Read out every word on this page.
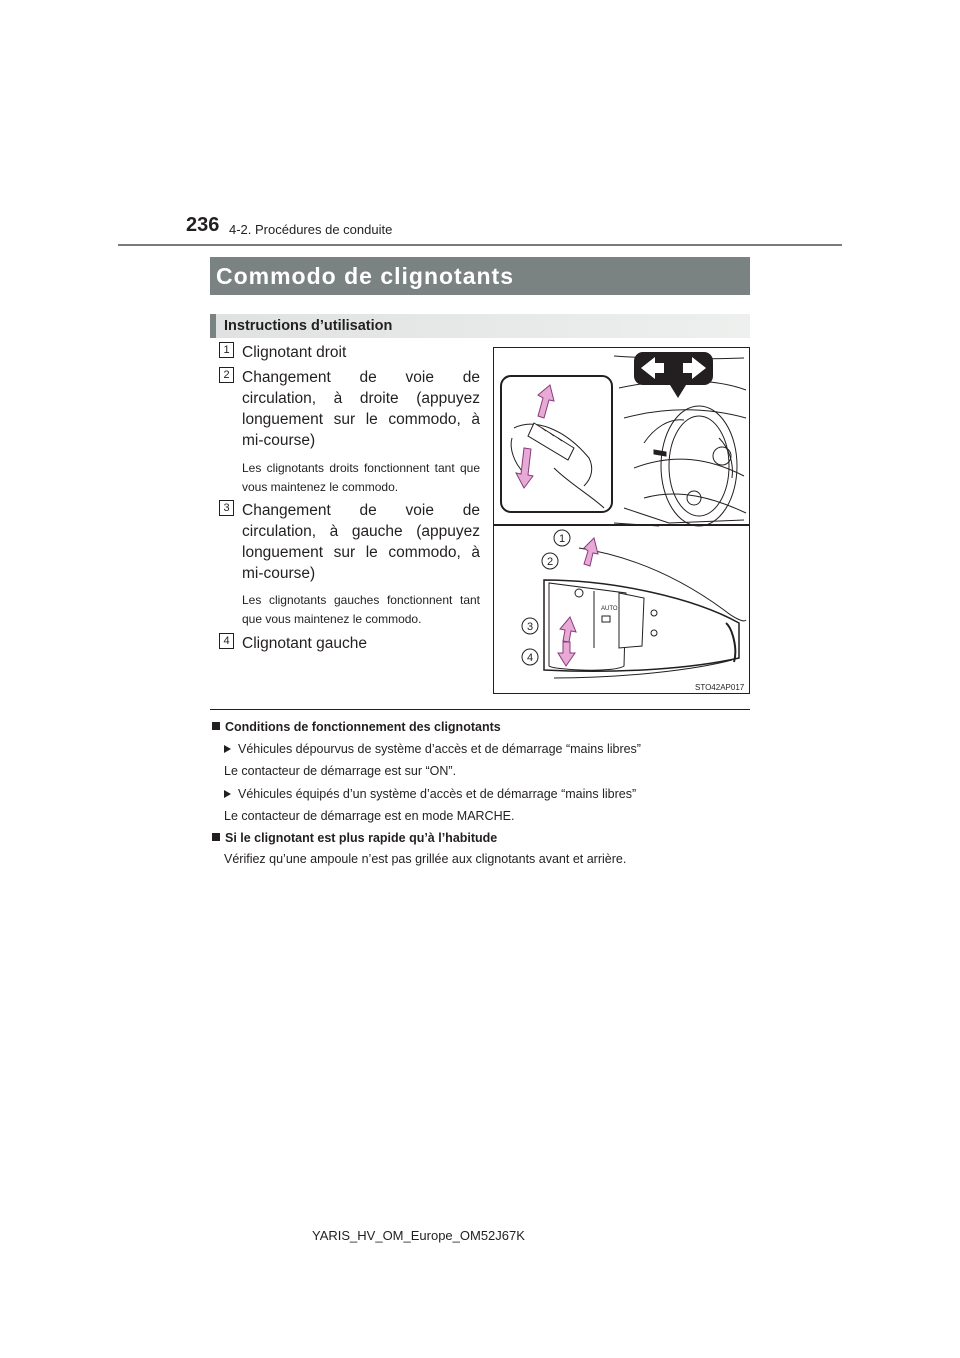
236 4-2. Procédures de conduite
Commodo de clignotants
Instructions d’utilisation
1 Clignotant droit
2 Changement de voie de circulation, à droite (appuyez longuement sur le commodo, à mi-course)
Les clignotants droits fonctionnent tant que vous maintenez le commodo.
3 Changement de voie de circulation, à gauche (appuyez longuement sur le commodo, à mi-course)
Les clignotants gauches fonctionnent tant que vous maintenez le commodo.
4 Clignotant gauche
AUTO
1
2
3
4
STO42AP017
Conditions de fonctionnement des clignotants
Véhicules dépourvus de système d’accès et de démarrage “mains libres”
Le contacteur de démarrage est sur “ON”.
Véhicules équipés d’un système d’accès et de démarrage “mains libres”
Le contacteur de démarrage est en mode MARCHE.
Si le clignotant est plus rapide qu’à l’habitude
Vérifiez qu’une ampoule n’est pas grillée aux clignotants avant et arrière.
YARIS_HV_OM_Europe_OM52J67K
